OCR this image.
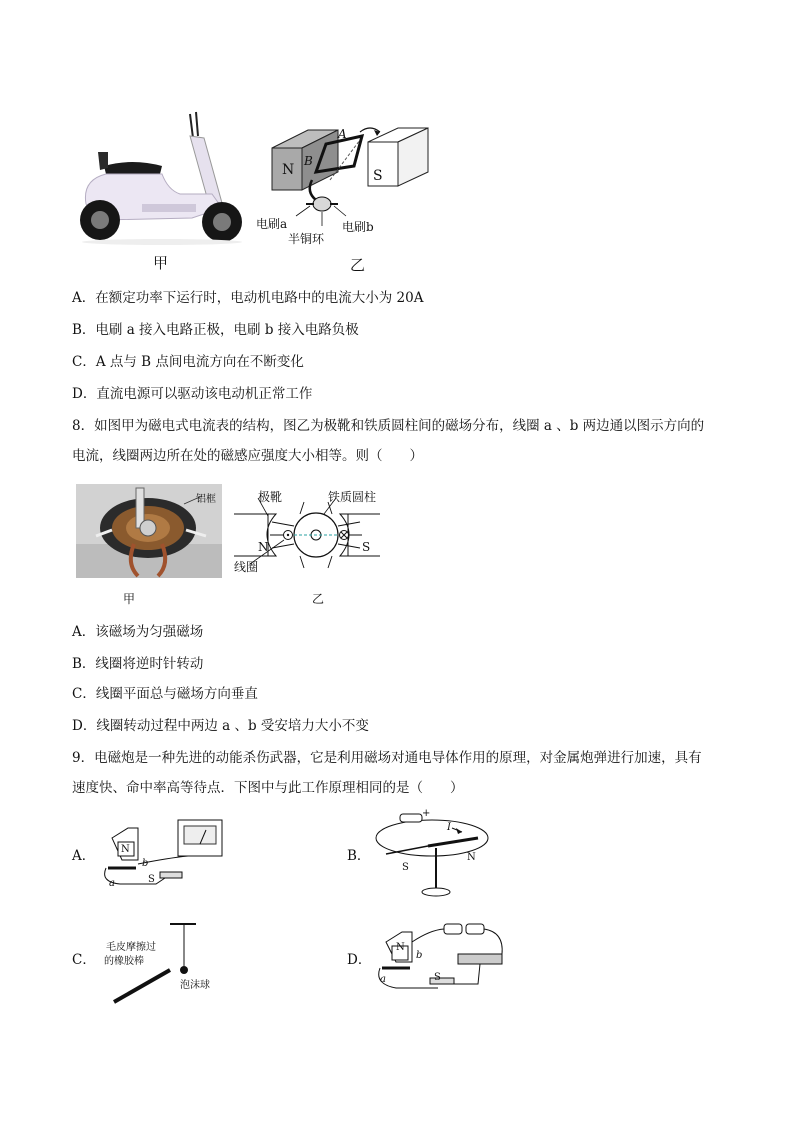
甲
N	S
A
B
电刷a	电刷b
半铜环
乙
A．在额定功率下运行时，电动机电路中的电流大小为 20A
B．电刷 a 接入电路正极，电刷 b 接入电路负极
C．A 点与 B 点间电流方向在不断变化
D．直流电源可以驱动该电动机正常工作
8．如图甲为磁电式电流表的结构，图乙为极靴和铁质圆柱间的磁场分布，线圈 a 、b 两边通以图示方向的
电流，线圈两边所在处的磁感应强度大小相等。则（　　）
铝框
甲
极靴	铁质圆柱
N	S
线圈
乙
A．该磁场为匀强磁场
B．线圈将逆时针转动
C．线圈平面总与磁场方向垂直
D．线圈转动过程中两边 a 、b 受安培力大小不变
9．电磁炮是一种先进的动能杀伤武器，它是利用磁场对通电导体作用的原理，对金属炮弹进行加速，具有
速度快、命中率高等待点．下图中与此工作原理相同的是（　　）
A．	N
b
a	S
B．
+
I
S
N
C．
毛皮摩擦过
的橡胶棒
泡沫球
D．
N
b
a	S
